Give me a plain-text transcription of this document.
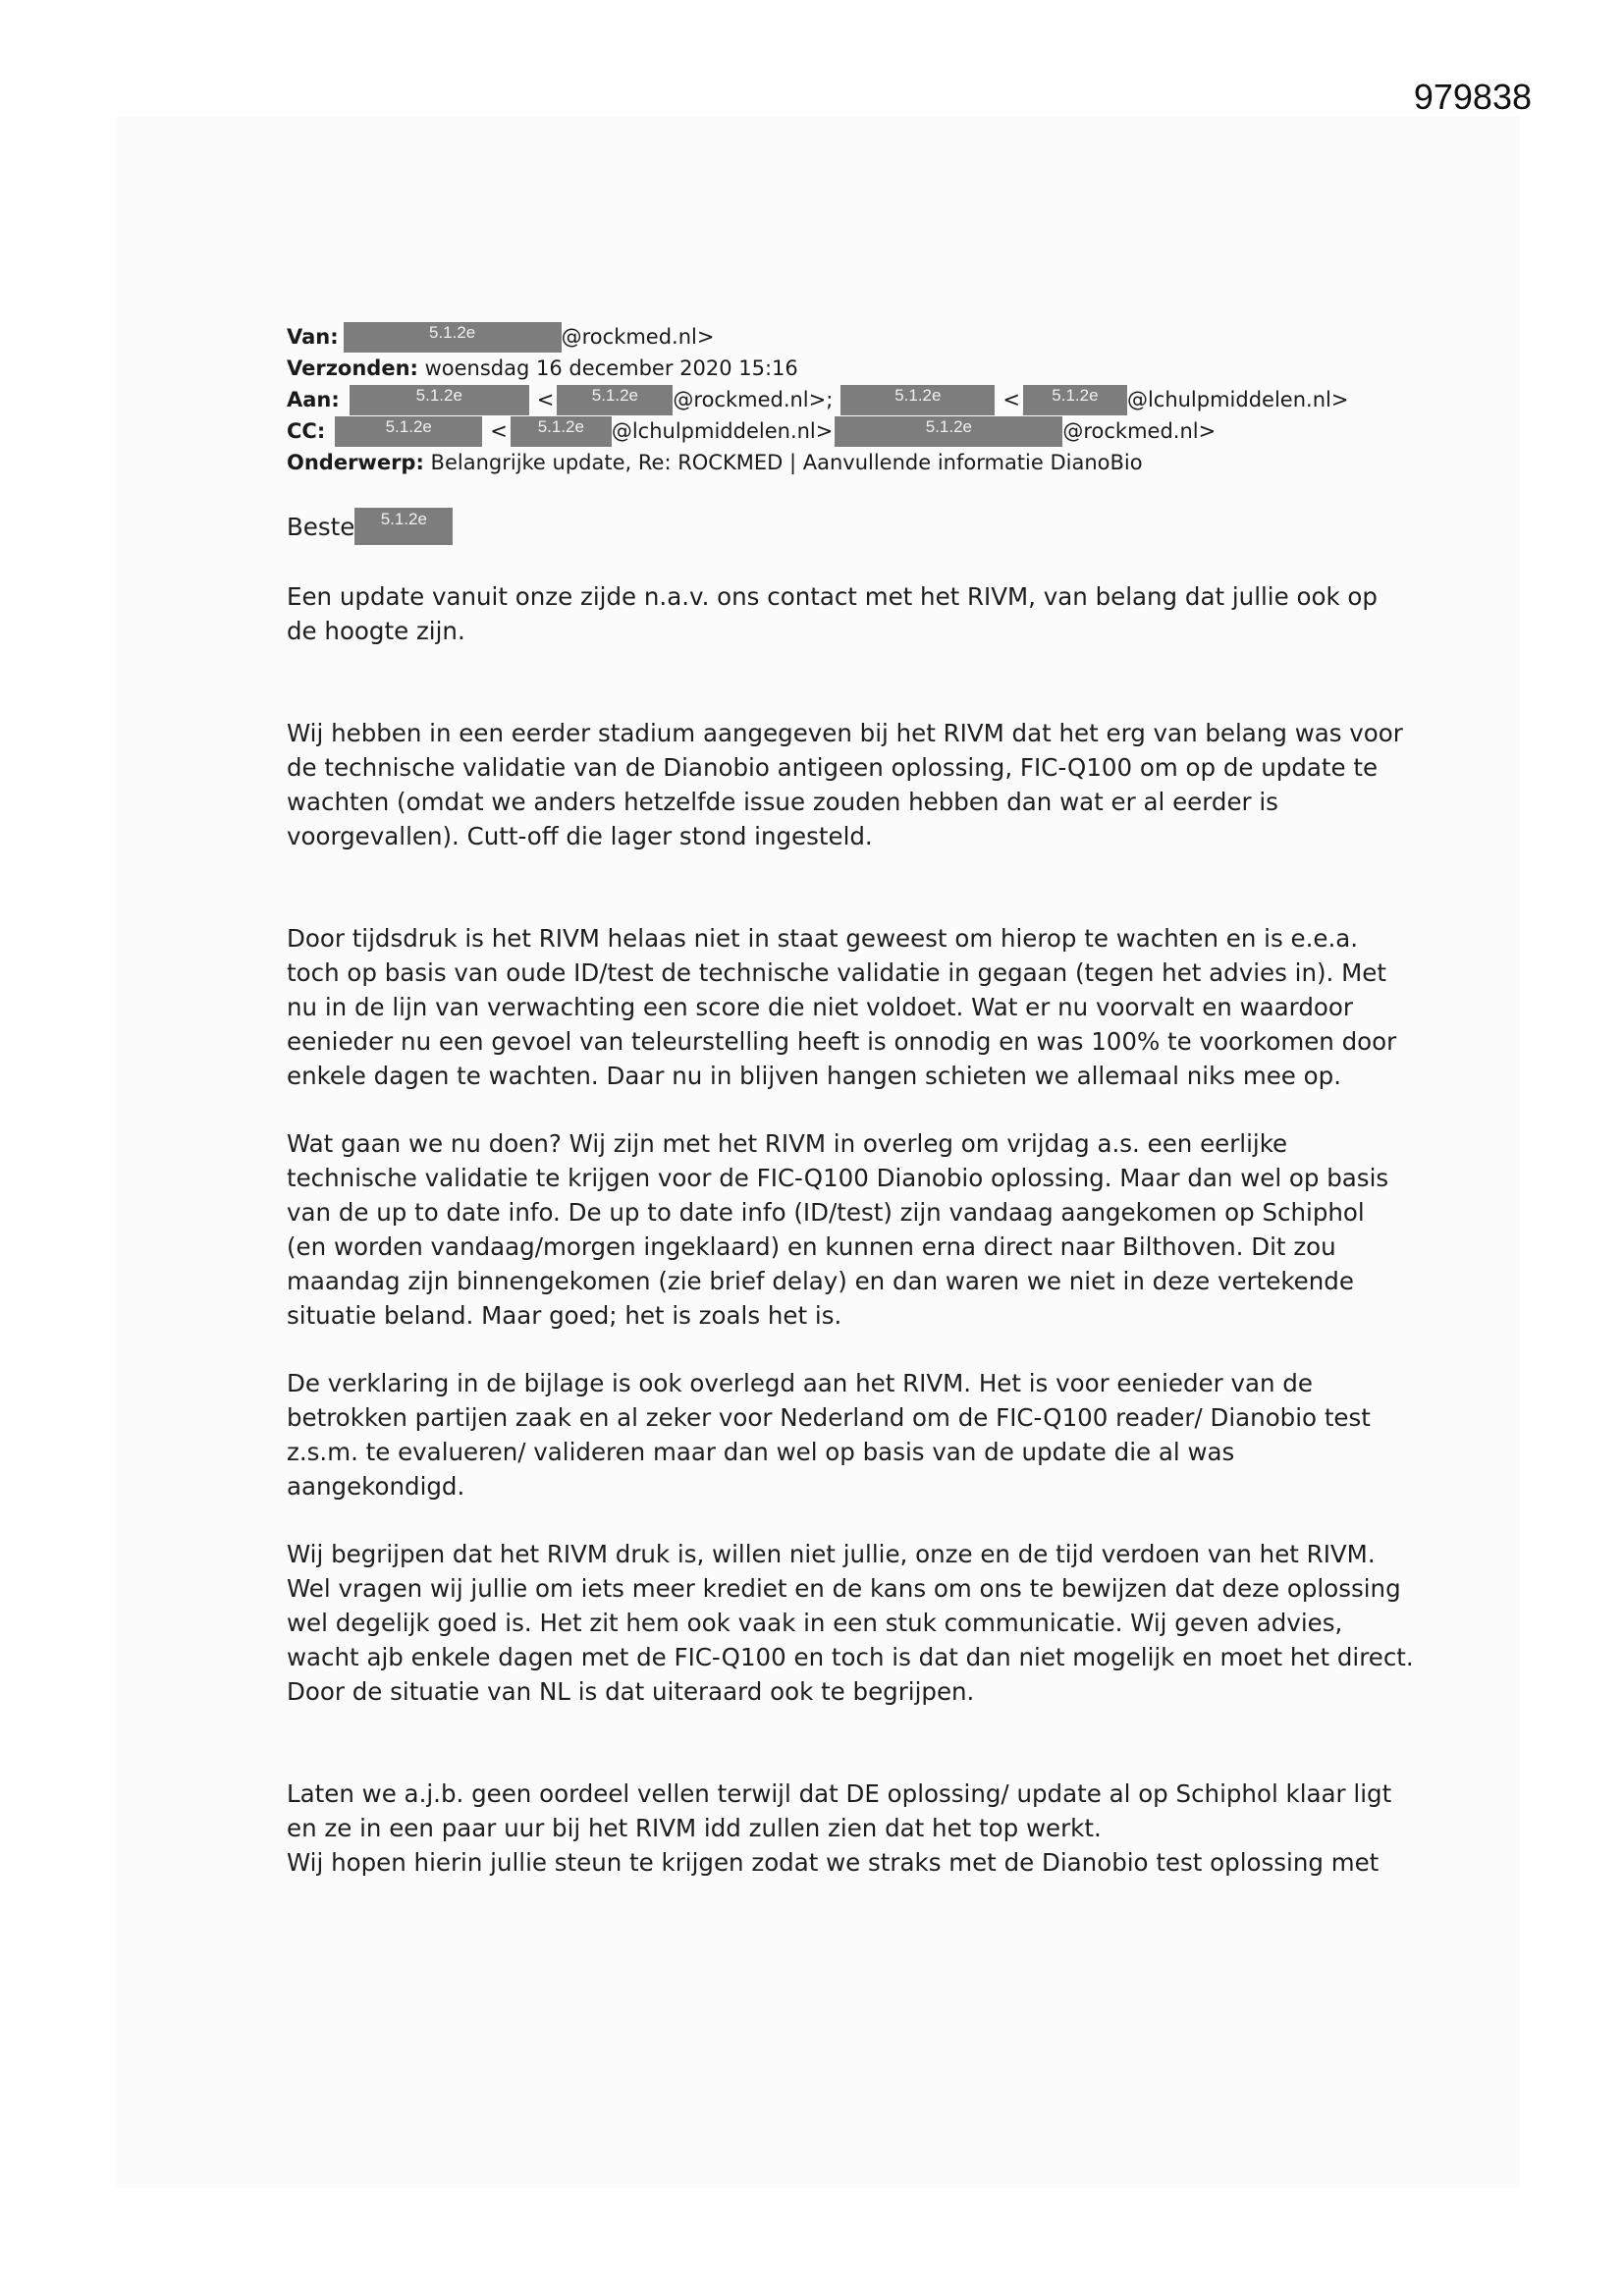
979838
Van:	5.1.2e	@rockmed.nl>
Verzonden: woensdag 16 december 2020 15:16
Aan:	5.1.2e	<	5.1.2e	@rockmed.nl>;	5.1.2e	<	5.1.2e	@lchulpmiddelen.nl>
CC:	5.1.2e	<	5.1.2e	@lchulpmiddelen.nl>	5.1.2e	@rockmed.nl>
Onderwerp: Belangrijke update, Re: ROCKMED | Aanvullende informatie DianoBio
Beste	5.1.2e

Een update vanuit onze zijde n.a.v. ons contact met het RIVM, van belang dat jullie ook op
de hoogte zijn.

Wij hebben in een eerder stadium aangegeven bij het RIVM dat het erg van belang was voor
de technische validatie van de Dianobio antigeen oplossing, FIC-Q100 om op de update te
wachten (omdat we anders hetzelfde issue zouden hebben dan wat er al eerder is
voorgevallen). Cutt-off die lager stond ingesteld.

Door tijdsdruk is het RIVM helaas niet in staat geweest om hierop te wachten en is e.e.a.
toch op basis van oude ID/test de technische validatie in gegaan (tegen het advies in). Met
nu in de lijn van verwachting een score die niet voldoet. Wat er nu voorvalt en waardoor
eenieder nu een gevoel van teleurstelling heeft is onnodig en was 100% te voorkomen door
enkele dagen te wachten. Daar nu in blijven hangen schieten we allemaal niks mee op.

Wat gaan we nu doen? Wij zijn met het RIVM in overleg om vrijdag a.s. een eerlijke
technische validatie te krijgen voor de FIC-Q100 Dianobio oplossing. Maar dan wel op basis
van de up to date info. De up to date info (ID/test) zijn vandaag aangekomen op Schiphol
(en worden vandaag/morgen ingeklaard) en kunnen erna direct naar Bilthoven. Dit zou
maandag zijn binnengekomen (zie brief delay) en dan waren we niet in deze vertekende
situatie beland. Maar goed; het is zoals het is.

De verklaring in de bijlage is ook overlegd aan het RIVM. Het is voor eenieder van de
betrokken partijen zaak en al zeker voor Nederland om de FIC-Q100 reader/ Dianobio test
z.s.m. te evalueren/ valideren maar dan wel op basis van de update die al was
aangekondigd.

Wij begrijpen dat het RIVM druk is, willen niet jullie, onze en de tijd verdoen van het RIVM.
Wel vragen wij jullie om iets meer krediet en de kans om ons te bewijzen dat deze oplossing
wel degelijk goed is. Het zit hem ook vaak in een stuk communicatie. Wij geven advies,
wacht ajb enkele dagen met de FIC-Q100 en toch is dat dan niet mogelijk en moet het direct.
Door de situatie van NL is dat uiteraard ook te begrijpen.

Laten we a.j.b. geen oordeel vellen terwijl dat DE oplossing/ update al op Schiphol klaar ligt
en ze in een paar uur bij het RIVM idd zullen zien dat het top werkt.

Wij hopen hierin jullie steun te krijgen zodat we straks met de Dianobio test oplossing met
